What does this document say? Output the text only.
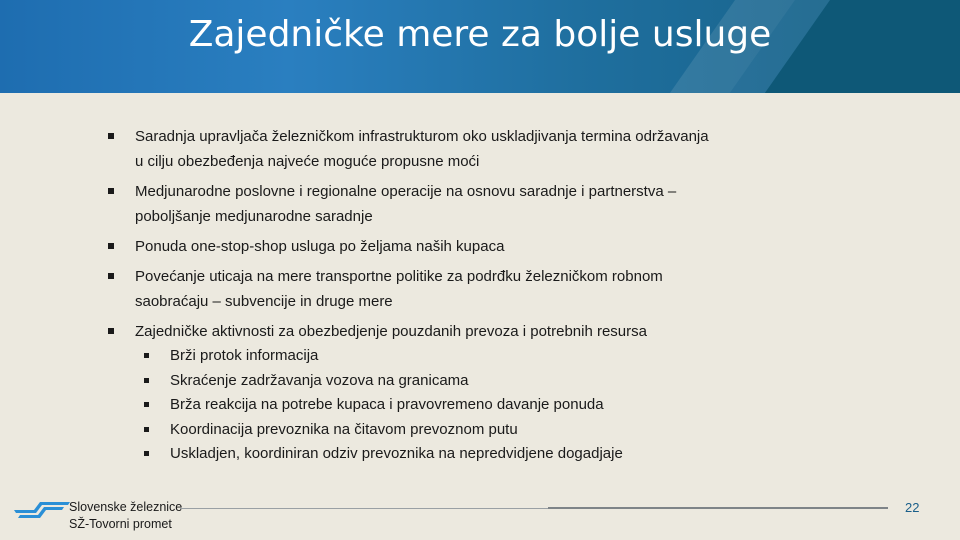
Zajedničke mere za bolje usluge
Saradnja upravljača železničkom infrastrukturom oko uskladjivanja termina održavanja
u cilju obezbeđenja najveće moguće propusne moći
Medjunarodne poslovne i regionalne operacije na osnovu saradnje i partnerstva –
poboljšanje medjunarodne saradnje
Ponuda one-stop-shop usluga po željama naših kupaca
Povećanje uticaja na mere transportne politike za podrđku železničkom robnom
saobraćaju – subvencije in druge mere
Zajedničke aktivnosti za obezbedjenje pouzdanih prevoza i potrebnih resursa
Brži protok informacija
Skraćenje zadržavanja vozova na granicama
Brža reakcija na potrebe kupaca i pravovremeno davanje ponuda
Koordinacija prevoznika na čitavom prevoznom putu
Uskladjen, koordiniran odziv prevoznika na nepredvidjene dogadjaje
22
Slovenske železnice
SŽ-Tovorni promet
